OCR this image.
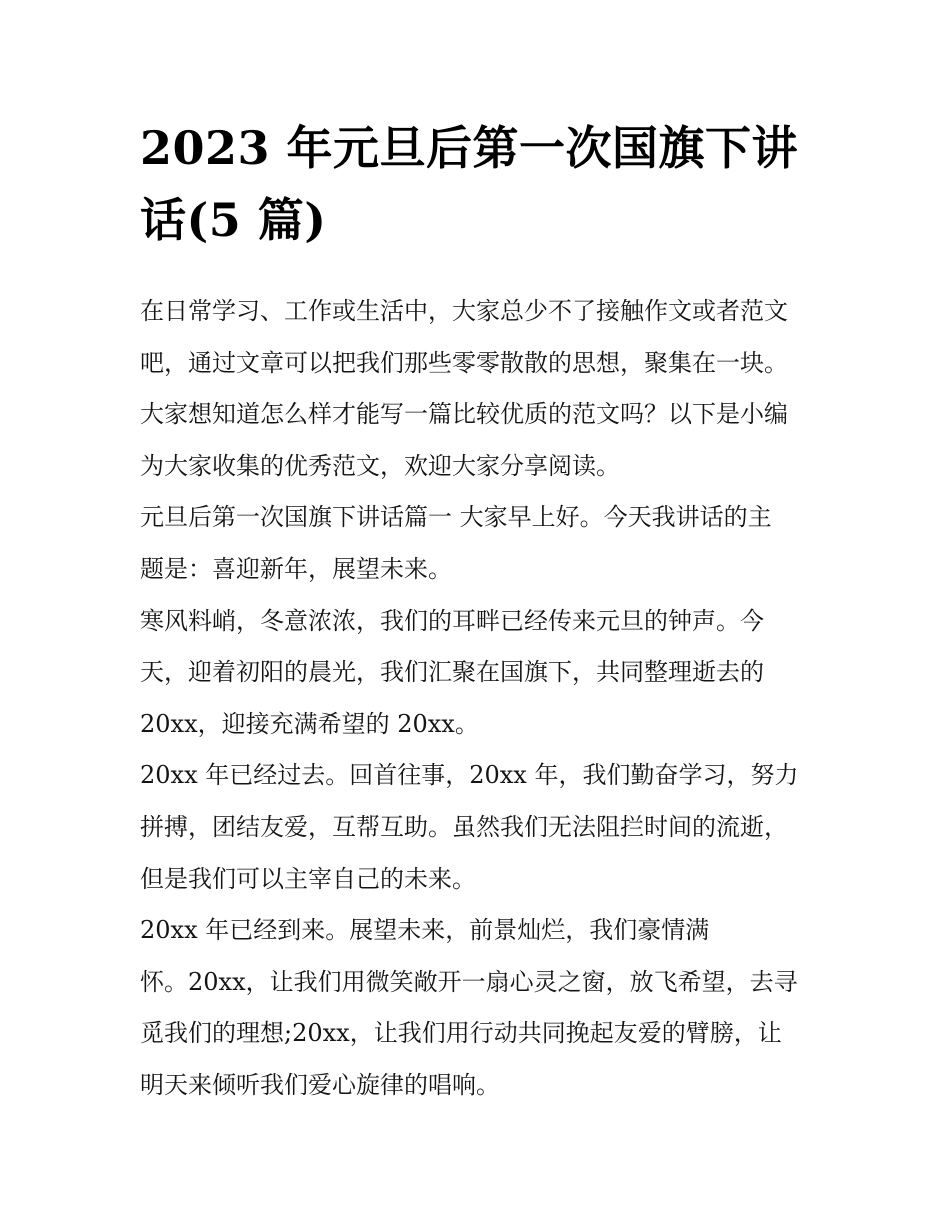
2023 年元旦后第一次国旗下讲
话(5 篇)

在日常学习、工作或生活中，大家总少不了接触作文或者范文
吧，通过文章可以把我们那些零零散散的思想，聚集在一块。
大家想知道怎么样才能写一篇比较优质的范文吗？以下是小编
为大家收集的优秀范文，欢迎大家分享阅读。

元旦后第一次国旗下讲话篇一 大家早上好。今天我讲话的主
题是：喜迎新年，展望未来。

寒风料峭，冬意浓浓，我们的耳畔已经传来元旦的钟声。今
天，迎着初阳的晨光，我们汇聚在国旗下，共同整理逝去的
20xx，迎接充满希望的 20xx。

20xx 年已经过去。回首往事，20xx 年，我们勤奋学习，努力
拼搏，团结友爱，互帮互助。虽然我们无法阻拦时间的流逝，
但是我们可以主宰自己的未来。

20xx 年已经到来。展望未来，前景灿烂，我们豪情满
怀。20xx，让我们用微笑敞开一扇心灵之窗，放飞希望，去寻
觅我们的理想;20xx，让我们用行动共同挽起友爱的臂膀，让
明天来倾听我们爱心旋律的唱响。
